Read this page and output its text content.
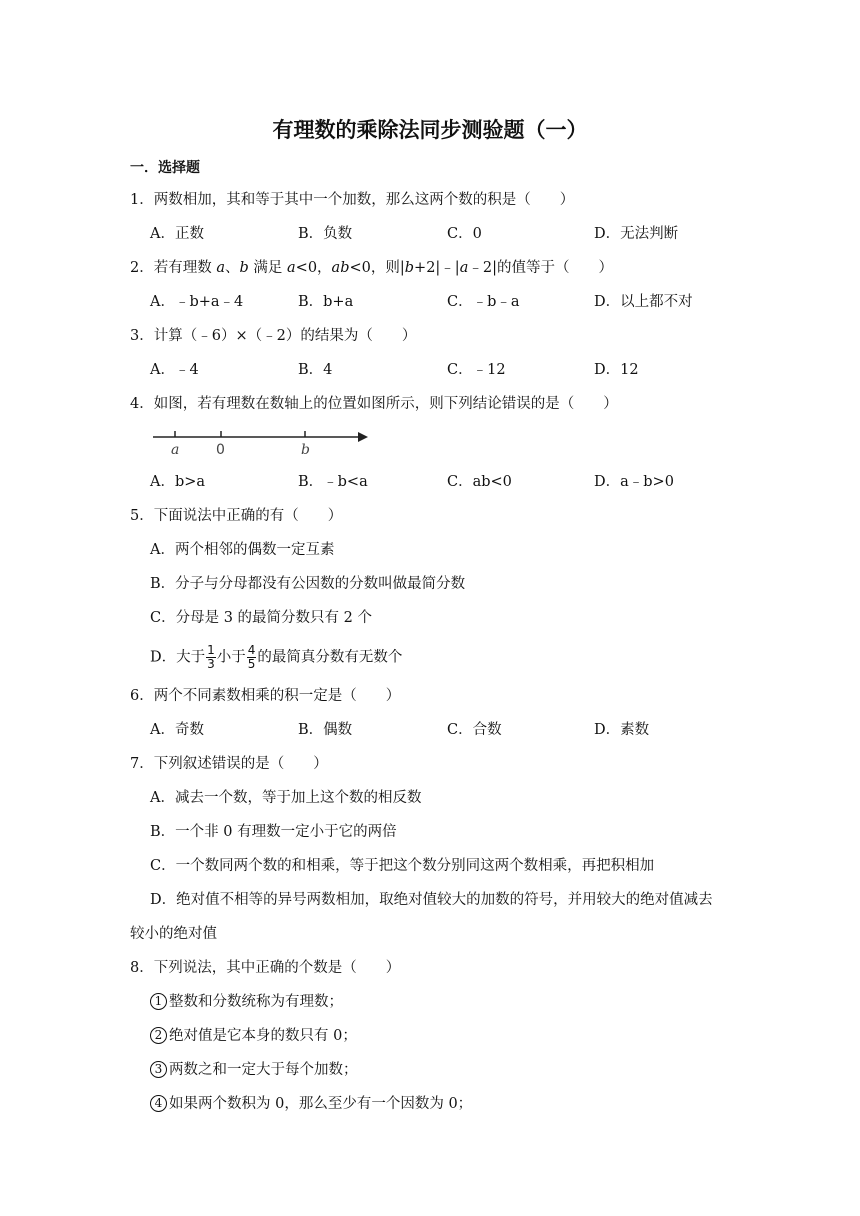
有理数的乘除法同步测验题（一）
一．选择题
1．两数相加，其和等于其中一个加数，那么这两个数的积是（　　）
A．正数	B．负数	C．0	D．无法判断
2．若有理数 a、b 满足 a<0，ab<0，则|b+2|﹣|a﹣2|的值等于（　　）
A．﹣b+a﹣4	B．b+a	C．﹣b﹣a	D．以上都不对
3．计算（﹣6）×（﹣2）的结果为（　　）
A．﹣4	B．4	C．﹣12	D．12
4．如图，若有理数在数轴上的位置如图所示，则下列结论错误的是（　　）
a	0	b
A．b>a	B．﹣b<a	C．ab<0	D．a﹣b>0
5．下面说法中正确的有（　　）
A．两个相邻的偶数一定互素
B．分子与分母都没有公因数的分数叫做最简分数
C．分母是 3 的最简分数只有 2 个
D．大于 $\frac{1}{3}$ 小于 $\frac{4}{5}$ 的最简真分数有无数个
6．两个不同素数相乘的积一定是（　　）
A．奇数	B．偶数	C．合数	D．素数
7．下列叙述错误的是（　　）
A．减去一个数，等于加上这个数的相反数
B．一个非 0 有理数一定小于它的两倍
C．一个数同两个数的和相乘，等于把这个数分别同这两个数相乘，再把积相加
D．绝对值不相等的异号两数相加，取绝对值较大的加数的符号，并用较大的绝对值减去
较小的绝对值
8．下列说法，其中正确的个数是（　　）
1 整数和分数统称为有理数；
2 绝对值是它本身的数只有 0；
3 两数之和一定大于每个加数；
4 如果两个数积为 0，那么至少有一个因数为 0；
